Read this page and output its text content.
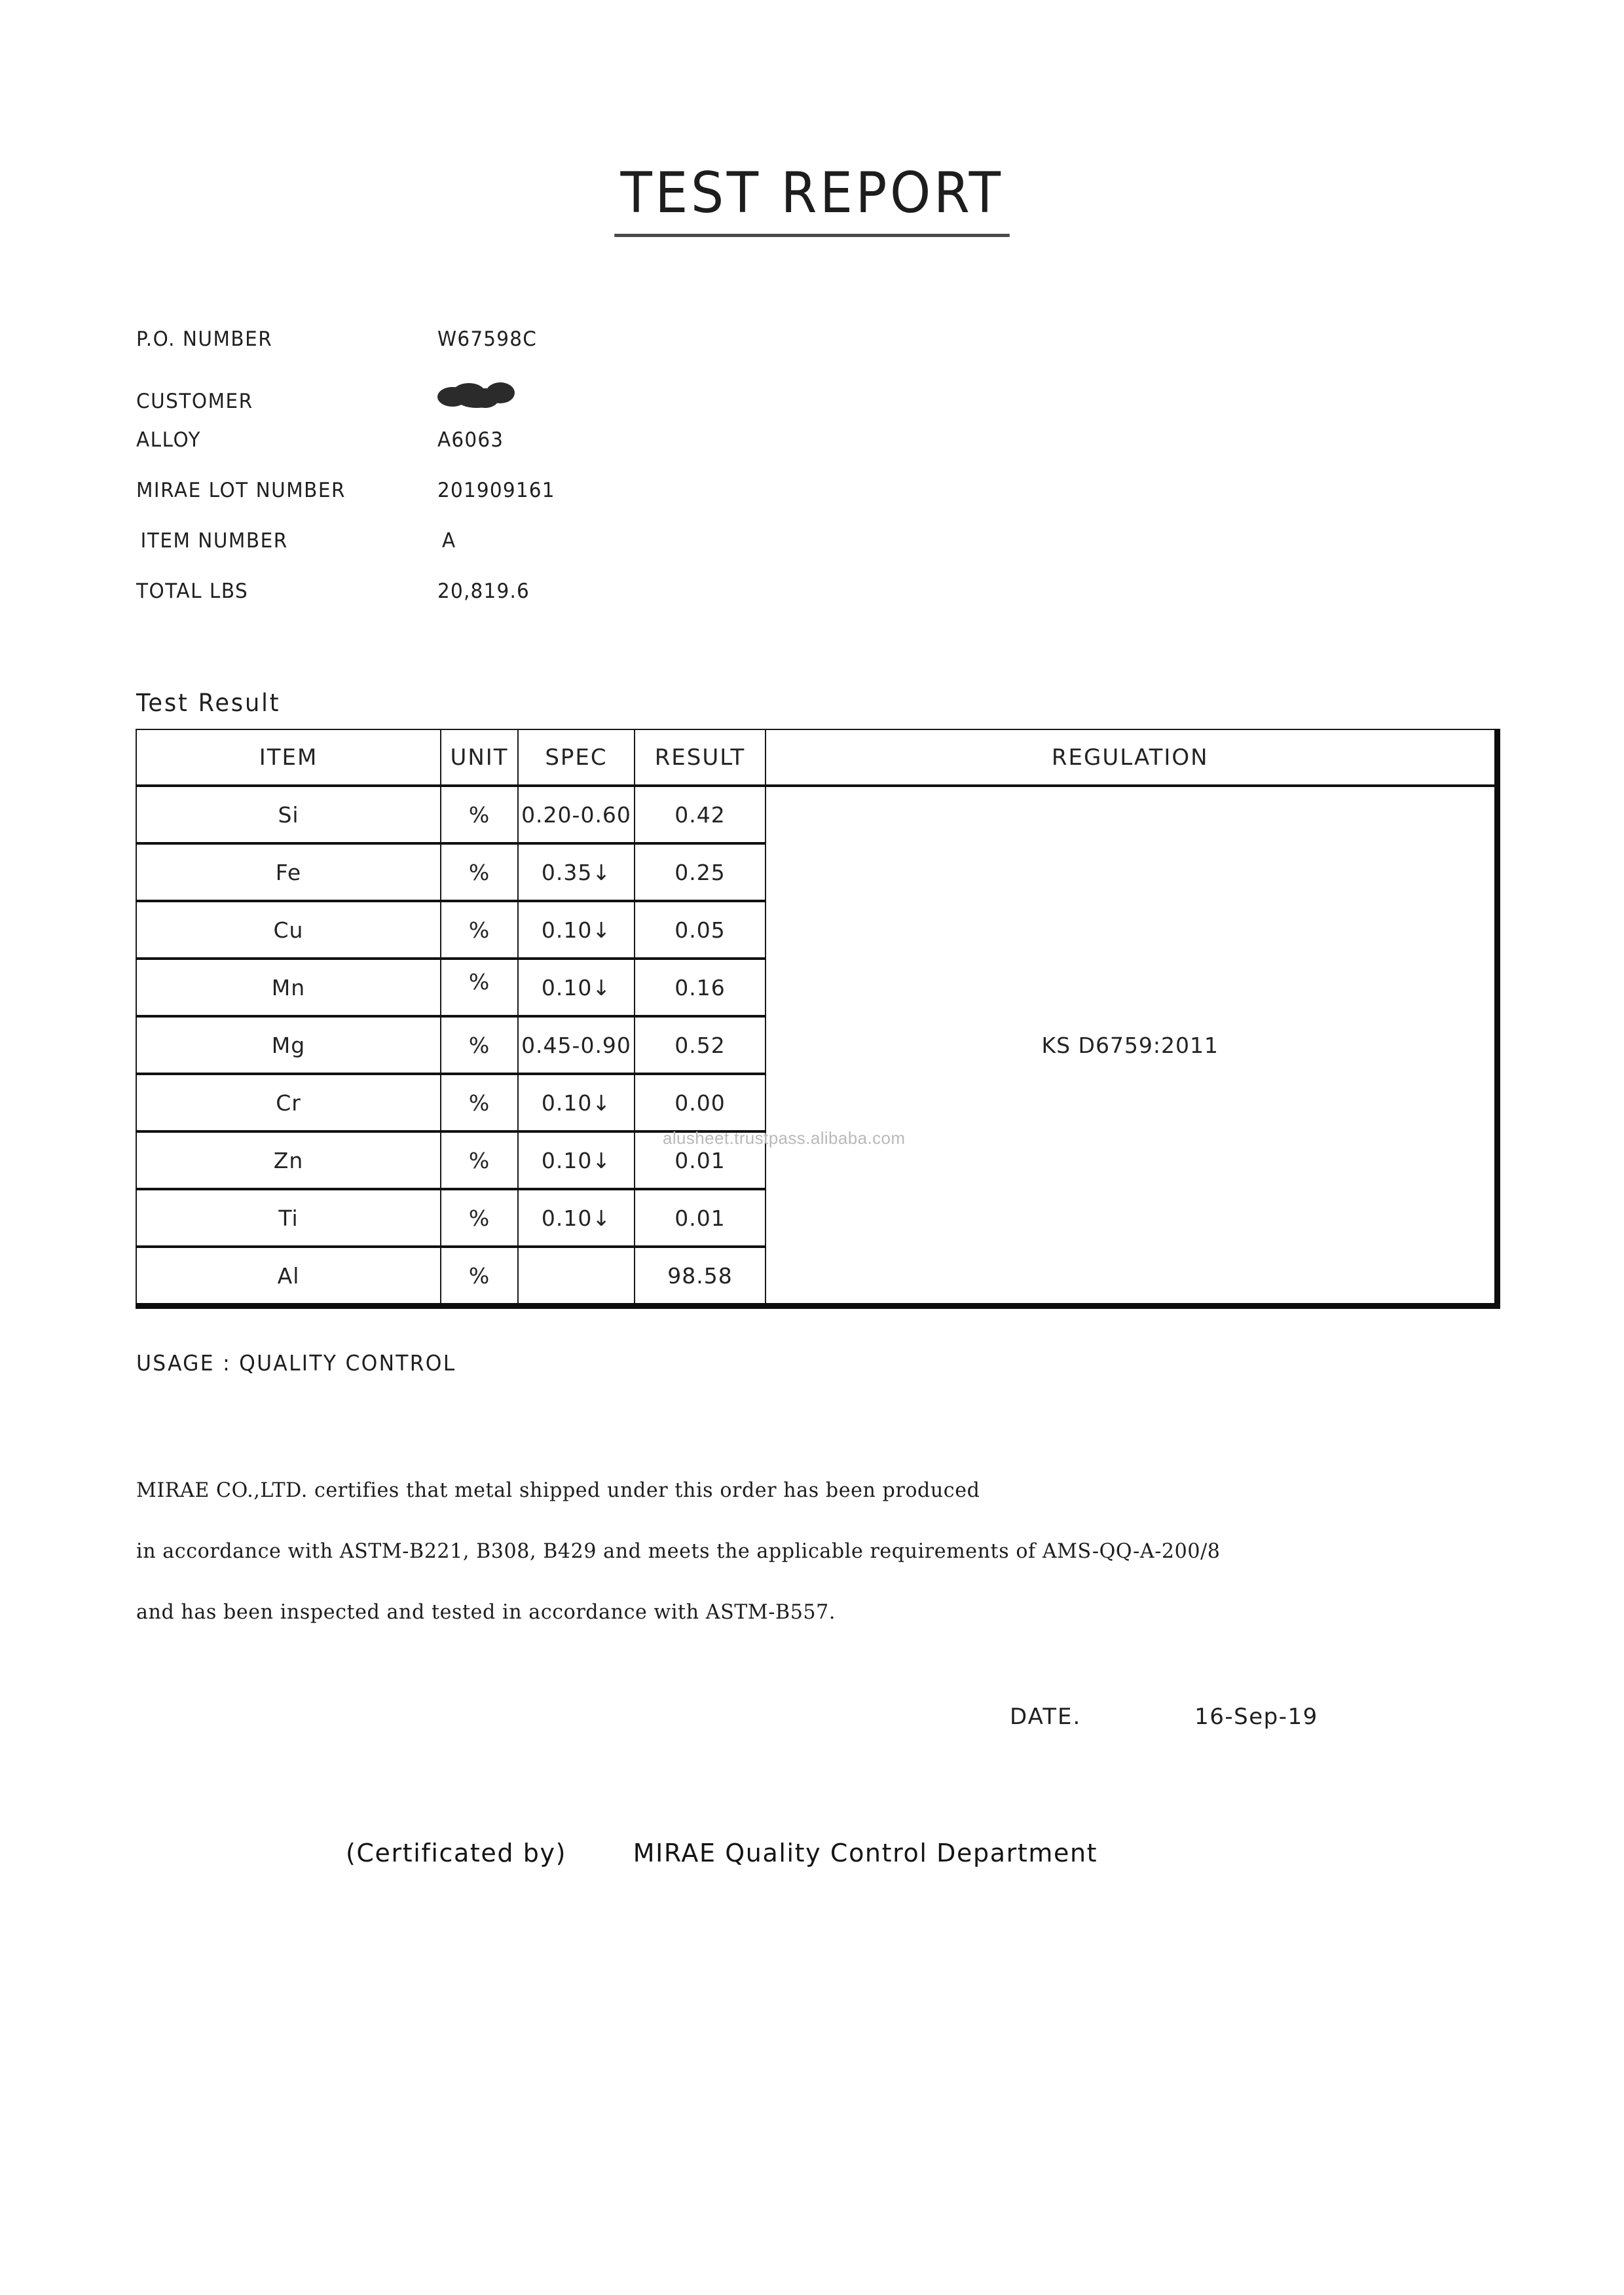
TEST REPORT
P.O. NUMBER	W67598C
CUSTOMER
ALLOY	A6063
MIRAE LOT NUMBER	201909161
ITEM NUMBER	A
TOTAL LBS	20,819.6
Test Result
ITEM	UNIT	SPEC	RESULT	REGULATION
Si	%	0.20-0.60	0.42	KS D6759:2011
Fe	%	0.35↓	0.25	
Cu	%	0.10↓	0.05	
Mn	%	0.10↓	0.16	
Mg	%	0.45-0.90	0.52	
Cr	%	0.10↓	0.00	
Zn	%	0.10↓	0.01	
Ti	%	0.10↓	0.01	
Al	%		98.58	
alusheet.trustpass.alibaba.com
USAGE : QUALITY CONTROL
MIRAE CO.,LTD. certifies that metal shipped under this order has been produced
in accordance with ASTM-B221, B308, B429 and meets the applicable requirements of AMS-QQ-A-200/8
and has been inspected and tested in accordance with ASTM-B557.
DATE.	16-Sep-19
(Certificated by)	MIRAE Quality Control Department
